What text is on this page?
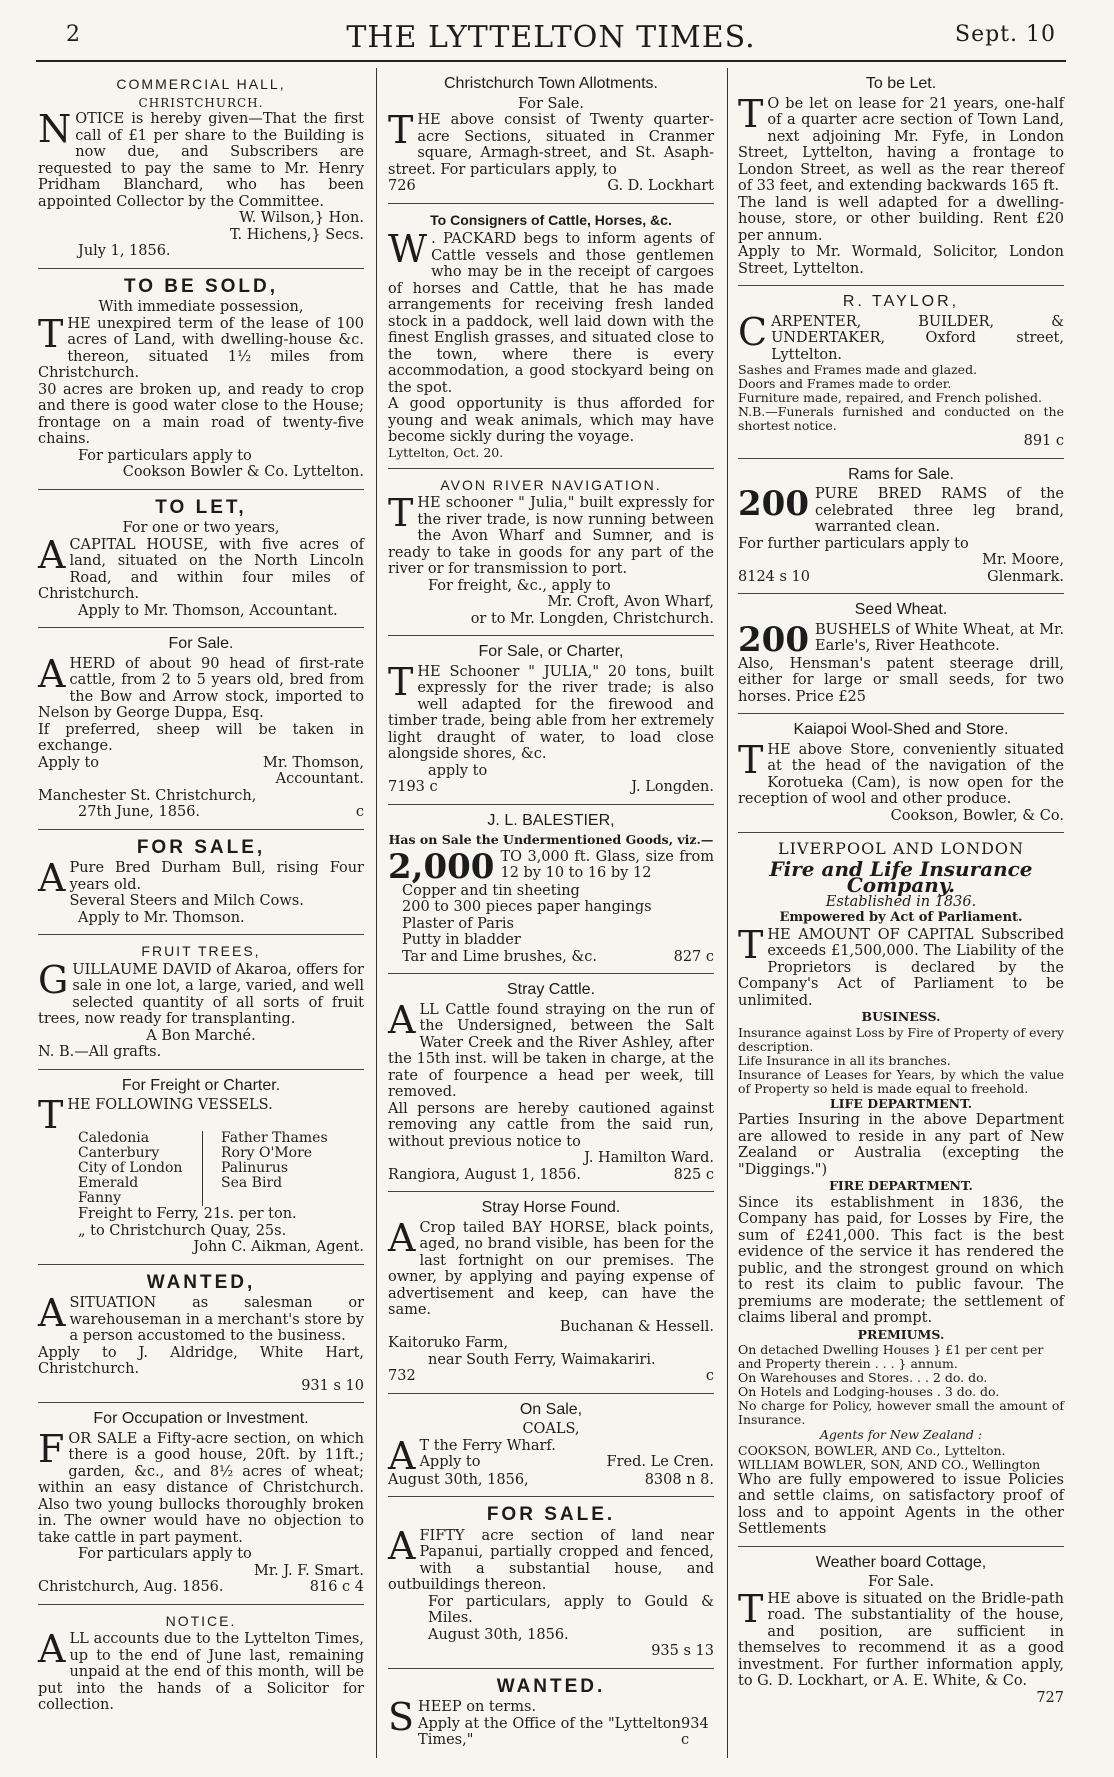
2	THE LYTTELTON TIMES.	Sept. 10
COMMERCIAL HALL,
CHRISTCHURCH.

NOTICE is hereby given—That the first call of £1 per share to the Building is now due, and Subscribers are requested to pay the same to Mr. Henry Pridham Blanchard, who has been appointed Collector by the Committee.

W. Wilson,} Hon.

T. Hichens,} Secs.

July 1, 1856.

TO BE SOLD,
With immediate possession,

THE unexpired term of the lease of 100 acres of Land, with dwelling-house &c. thereon, situated 1½ miles from Christchurch.

30 acres are broken up, and ready to crop and there is good water close to the House; frontage on a main road of twenty-five chains.

For particulars apply to

Cookson Bowler & Co. Lyttelton.

TO LET,
For one or two years,

ACAPITAL HOUSE, with five acres of land, situated on the North Lincoln Road, and within four miles of Christchurch.

Apply to Mr. Thomson, Accountant.

For Sale.

AHERD of about 90 head of first-rate cattle, from 2 to 5 years old, bred from the Bow and Arrow stock, imported to Nelson by George Duppa, Esq.

If preferred, sheep will be taken in exchange.

Apply to	Mr. Thomson,

Accountant.

Manchester St. Christchurch,

27th June, 1856.	c

FOR SALE,

A Pure Bred Durham Bull, rising Four years old.

Several Steers and Milch Cows.

Apply to Mr. Thomson.

FRUIT TREES,

GUILLAUME DAVID of Akaroa, offers for sale in one lot, a large, varied, and well selected quantity of all sorts of fruit trees, now ready for transplanting.

A Bon Marché.

N. B.—All grafts.

For Freight or Charter.

THE FOLLOWING VESSELS.

Caledonia	Father Thames
Canterbury	Rory O'More
City of London	Palinurus
Emerald	Sea Bird
Fanny

Freight to Ferry, 21s. per ton.

„ to Christchurch Quay, 25s.

John C. Aikman, Agent.

WANTED,

ASITUATION as salesman or warehouseman in a merchant's store by a person accustomed to the business.

Apply to J. Aldridge, White Hart, Christchurch.

931 s 10

For Occupation or Investment.

FOR SALE a Fifty-acre section, on which there is a good house, 20ft. by 11ft.; garden, &c., and 8½ acres of wheat; within an easy distance of Christchurch. Also two young bullocks thoroughly broken in. The owner would have no objection to take cattle in part payment.

For particulars apply to

Mr. J. F. Smart.

Christchurch, Aug. 1856.	816 c 4

NOTICE.

ALL accounts due to the Lyttelton Times, up to the end of June last, remaining unpaid at the end of this month, will be put into the hands of a Solicitor for collection.

Christchurch Town Allotments.
For Sale.

THE above consist of Twenty quarter-acre Sections, situated in Cranmer square, Armagh-street, and St. Asaph-street. For particulars apply, to

726	G. D. Lockhart

To Consigners of Cattle, Horses, &c.

W . PACKARD begs to inform agents of Cattle vessels and those gentlemen who may be in the receipt of cargoes of horses and Cattle, that he has made arrangements for receiving fresh landed stock in a paddock, well laid down with the finest English grasses, and situated close to the town, where there is every accommodation, a good stockyard being on the spot.

A good opportunity is thus afforded for young and weak animals, which may have become sickly during the voyage.

Lyttelton, Oct. 20.

AVON RIVER NAVIGATION.

THE schooner " Julia," built expressly for the river trade, is now running between the Avon Wharf and Sumner, and is ready to take in goods for any part of the river or for transmission to port.

For freight, &c., apply to

Mr. Croft, Avon Wharf,

or to Mr. Longden, Christchurch.

For Sale, or Charter,

THE Schooner " JULIA," 20 tons, built expressly for the river trade; is also well adapted for the firewood and timber trade, being able from her extremely light draught of water, to load close alongside shores, &c.

apply to

7193 c	J. Longden.

J. L. BALESTIER,
Has on Sale the Undermentioned Goods, viz.—

2,000 TO 3,000 ft. Glass, size from 12 by 10 to 16 by 12

Copper and tin sheeting

200 to 300 pieces paper hangings

Plaster of Paris

Putty in bladder

Tar and Lime brushes, &c.	827 c

Stray Cattle.

ALL Cattle found straying on the run of the Undersigned, between the Salt Water Creek and the River Ashley, after the 15th inst. will be taken in charge, at the rate of fourpence a head per week, till removed.

All persons are hereby cautioned against removing any cattle from the said run, without previous notice to

J. Hamilton Ward.

Rangiora, August 1, 1856.	825 c

Stray Horse Found.

A Crop tailed BAY HORSE, black points, aged, no brand visible, has been for the last fortnight on our premises. The owner, by applying and paying expense of advertisement and keep, can have the same.

Buchanan & Hessell.

Kaitoruko Farm,

near South Ferry, Waimakariri.

732	c

On Sale,
COALS,

A T the Ferry Wharf.

Apply to	Fred. Le Cren.

August 30th, 1856,	8308 n 8.

FOR SALE.

AFIFTY acre section of land near Papanui, partially cropped and fenced, with a substantial house, and outbuildings thereon.

For particulars, apply to Gould & Miles.

August 30th, 1856.

935 s 13

WANTED.

SHEEP on terms.

Apply at the Office of the "Lyttelton Times,"
934 c

To be Let.

T O be let on lease for 21 years, one-half of a quarter acre section of Town Land, next adjoining Mr. Fyfe, in London Street, Lyttelton, having a frontage to London Street, as well as the rear thereof of 33 feet, and extending backwards 165 ft.

The land is well adapted for a dwelling-house, store, or other building. Rent £20 per annum.

Apply to Mr. Wormald, Solicitor, London Street, Lyttelton.

R. TAYLOR,

CARPENTER, BUILDER, & UNDERTAKER, Oxford street, Lyttelton.

Sashes and Frames made and glazed.

Doors and Frames made to order.

Furniture made, repaired, and French polished.

N.B.—Funerals furnished and conducted on the shortest notice.

891 c

Rams for Sale.

200 PURE BRED RAMS of the celebrated three leg brand, warranted clean.

For further particulars apply to

Mr. Moore,

8124 s 10	Glenmark.

Seed Wheat.

200 BUSHELS of White Wheat, at Mr. Earle's, River Heathcote.

Also, Hensman's patent steerage drill, either for large or small seeds, for two horses. Price £25

Kaiapoi Wool-Shed and Store.

THE above Store, conveniently situated at the head of the navigation of the Korotueka (Cam), is now open for the reception of wool and other produce.

Cookson, Bowler, & Co.

LIVERPOOL AND LONDON
Fire and Life Insurance Company.
Established in 1836.
Empowered by Act of Parliament.

THE AMOUNT OF CAPITAL Subscribed exceeds £1,500,000. The Liability of the Proprietors is declared by the Company's Act of Parliament to be unlimited.

BUSINESS.

Insurance against Loss by Fire of Property of every description.

Life Insurance in all its branches.

Insurance of Leases for Years, by which the value of Property so held is made equal to freehold.

LIFE DEPARTMENT.

Parties Insuring in the above Department are allowed to reside in any part of New Zealand or Australia (excepting the "Diggings.")

FIRE DEPARTMENT.

Since its establishment in 1836, the Company has paid, for Losses by Fire, the sum of £241,000. This fact is the best evidence of the service it has rendered the public, and the strongest ground on which to rest its claim to public favour. The premiums are moderate; the settlement of claims liberal and prompt.

PREMIUMS.

On detached Dwelling Houses } £1 per cent per

and Property therein . . . } annum.

On Warehouses and Stores. . . 2 do. do.

On Hotels and Lodging-houses . 3 do. do.

No charge for Policy, however small the amount of Insurance.

Agents for New Zealand :

COOKSON, BOWLER, AND Co., Lyttelton.

WILLIAM BOWLER, SON, AND CO., Wellington

Who are fully empowered to issue Policies and settle claims, on satisfactory proof of loss and to appoint Agents in the other Settlements

Weather board Cottage,
For Sale.

THE above is situated on the Bridle-path road. The substantiality of the house, and position, are sufficient in themselves to recommend it as a good investment. For further information apply, to G. D. Lockhart, or A. E. White, & Co.

727
